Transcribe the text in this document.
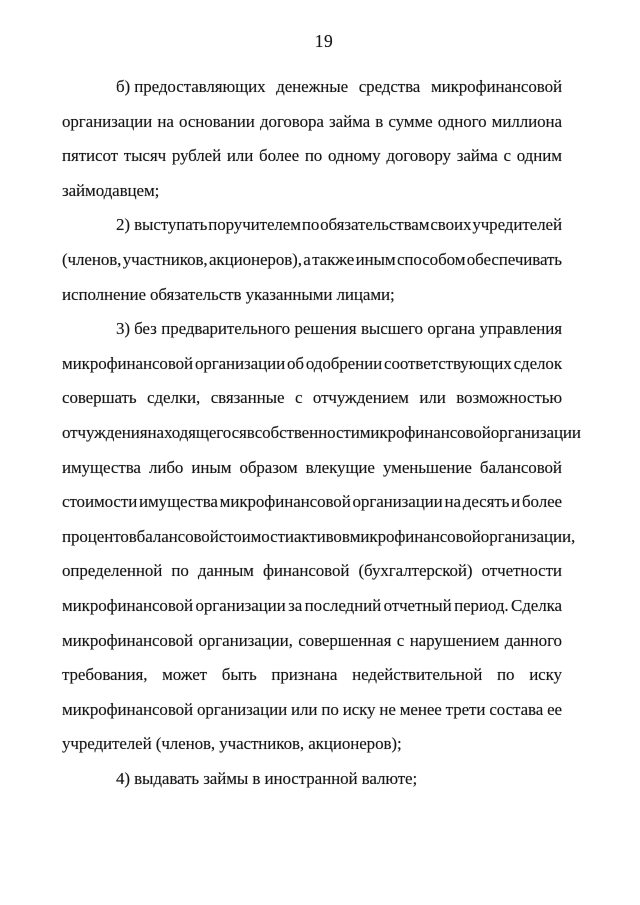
19
б) предоставляющих денежные средства микрофинансовой
организации на основании договора займа в сумме одного миллиона
пятисот тысяч рублей или более по одному договору займа с одним
займодавцем;
2) выступать поручителем по обязательствам своих учредителей
(членов, участников, акционеров), а также иным способом обеспечивать
исполнение обязательств указанными лицами;
3) без предварительного решения высшего органа управления
микрофинансовой организации об одобрении соответствующих сделок
совершать сделки, связанные с отчуждением или возможностью
отчуждения находящегося в собственности микрофинансовой организации
имущества либо иным образом влекущие уменьшение балансовой
стоимости имущества микрофинансовой организации на десять и более
процентов балансовой стоимости активов микрофинансовой организации,
определенной по данным финансовой (бухгалтерской) отчетности
микрофинансовой организации за последний отчетный период. Сделка
микрофинансовой организации, совершенная с нарушением данного
требования, может быть признана недействительной по иску
микрофинансовой организации или по иску не менее трети состава ее
учредителей (членов, участников, акционеров);
4) выдавать займы в иностранной валюте;
